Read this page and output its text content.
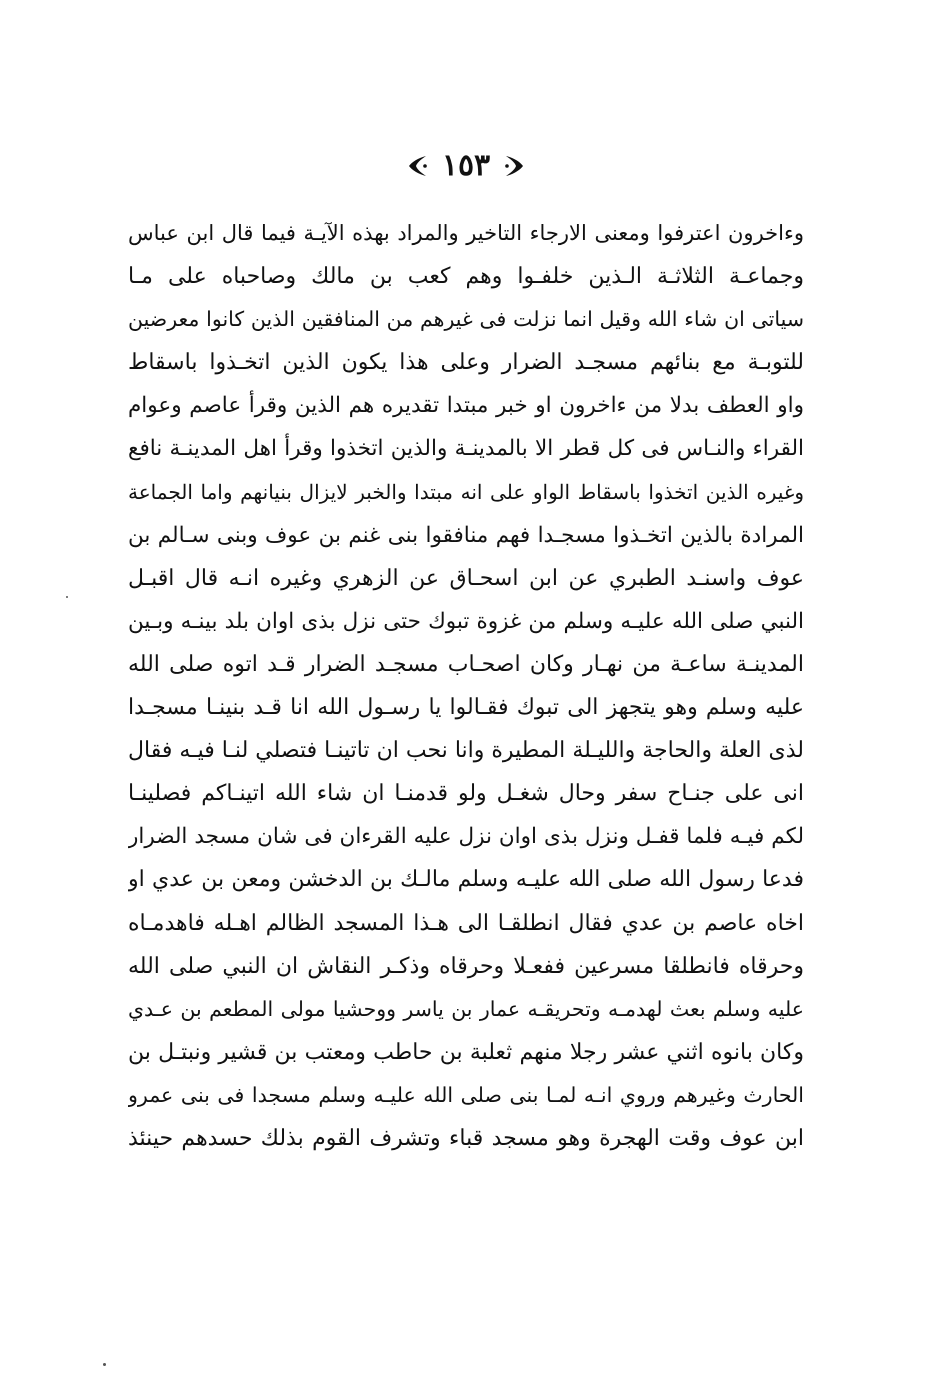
١٥٣
وءاخرون اعترفوا ومعنى الارجاء التاخير والمراد بهذه الآيـة فيما قال ابن عباس
وجماعـة الثلاثـة الـذين خلفـوا وهم كعب بن مالك وصاحباه على مـا
سياتى ان شاء الله وقيل انما نزلت فى غيرهم من المنافقين الذين كانوا معرضين
للتوبـة مع بنائهم مسجـد الضرار وعلى هذا يكون الذين اتخـذوا باسقاط
واو العطف بدلا من ءاخرون او خبر مبتدا تقديره هم الذين وقرأ عاصم وعوام
القراء والنـاس فى كل قطر الا بالمدينـة والذين اتخذوا وقرأ اهل المدينـة نافع
وغيره الذين اتخذوا باسقاط الواو على انه مبتدا والخبر لايزال بنيانهم واما الجماعة
المرادة بالذين اتخـذوا مسجـدا فهم منافقوا بنى غنم بن عوف وبنى سـالم بن
عوف واسنـد الطبري عن ابن اسحـاق عن الزهري وغيره انـه قال اقبـل
النبي صلى الله عليـه وسلم من غزوة تبوك حتى نزل بذى اوان بلد بينـه وبـين
المدينـة ساعـة من نهـار وكان اصحـاب مسجـد الضرار قـد اتوه صلى الله
عليه وسلم وهو يتجهز الى تبوك فقـالوا يا رسـول الله انا قـد بنينـا مسجـدا
لذى العلة والحاجة والليـلة المطيرة وانا نحب ان تاتينـا فتصلي لنـا فيـه فقال
انى على جنـاح سفر وحال شغـل ولو قدمنـا ان شاء الله اتينـاكم فصلينـا
لكم فيـه فلما قفـل ونزل بذى اوان نزل عليه القرءان فى شان مسجد الضرار
فدعا رسول الله صلى الله عليـه وسلم مالـك بن الدخشن ومعن بن عدي او
اخاه عاصم بن عدي فقال انطلقـا الى هـذا المسجد الظالم اهـله فاهدمـاه
وحرقاه فانطلقا مسرعين ففعـلا وحرقاه وذكـر النقاش ان النبي صلى الله
عليه وسلم بعث لهدمـه وتحريقـه عمار بن ياسر ووحشيا مولى المطعم بن عـدي
وكان بانوه اثني عشر رجلا منهم ثعلبة بن حاطب ومعتب بن قشير ونبتـل بن
الحارث وغيرهم وروي انـه لمـا بنى صلى الله عليـه وسلم مسجدا فى بنى عمرو
ابن عوف وقت الهجرة وهو مسجد قباء وتشرف القوم بذلك حسدهم حينئذ
